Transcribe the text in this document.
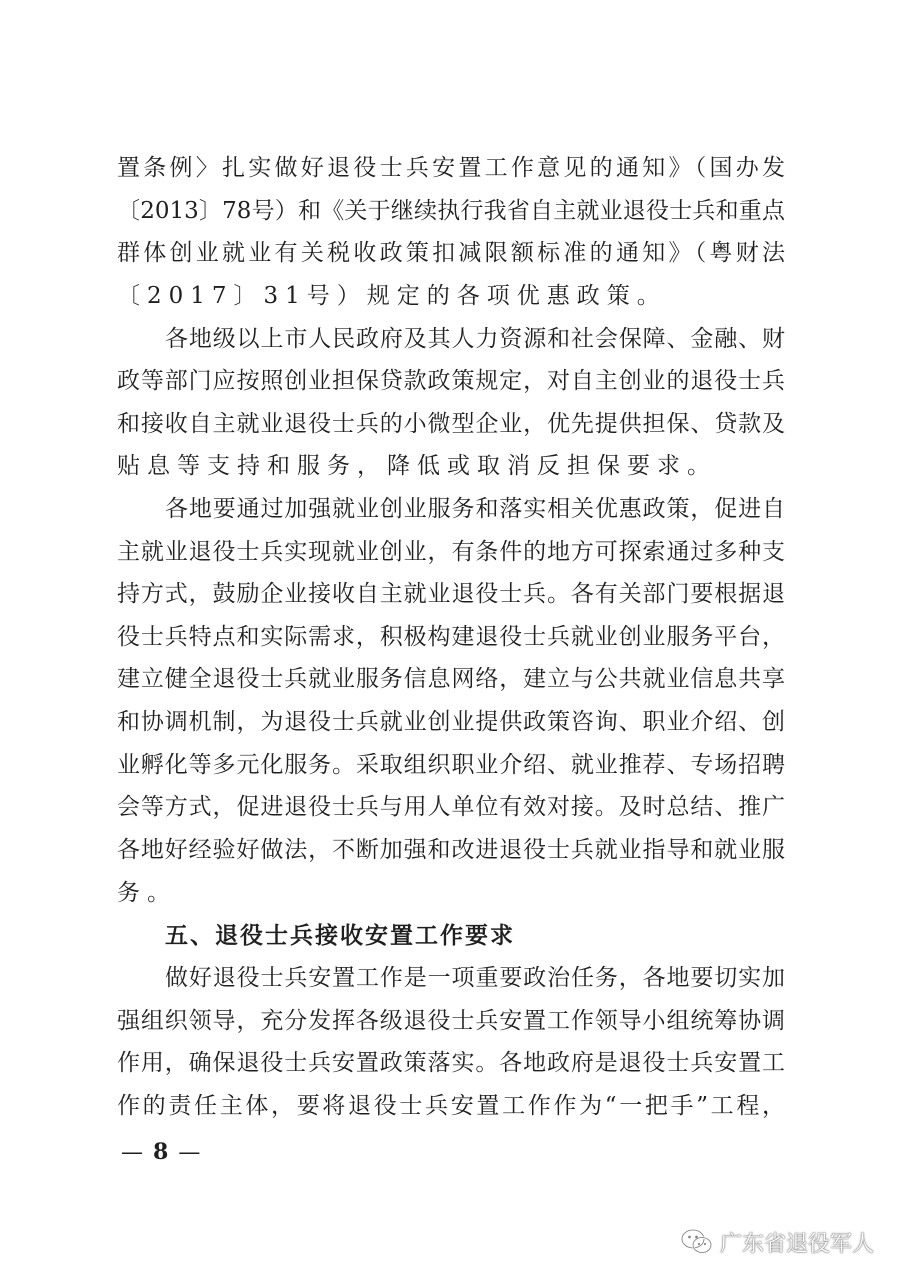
置条例〉扎实做好退役士兵安置工作意见的通知》（国办发
〔2013〕78号）和《关于继续执行我省自主就业退役士兵和重点
群体创业就业有关税收政策扣减限额标准的通知》（粤财法
〔2017〕31号）规定的各项优惠政策。
各地级以上市人民政府及其人力资源和社会保障、金融、财
政等部门应按照创业担保贷款政策规定，对自主创业的退役士兵
和接收自主就业退役士兵的小微型企业，优先提供担保、贷款及
贴息等支持和服务，降低或取消反担保要求。
各地要通过加强就业创业服务和落实相关优惠政策，促进自
主就业退役士兵实现就业创业，有条件的地方可探索通过多种支
持方式，鼓励企业接收自主就业退役士兵。各有关部门要根据退
役士兵特点和实际需求，积极构建退役士兵就业创业服务平台，
建立健全退役士兵就业服务信息网络，建立与公共就业信息共享
和协调机制，为退役士兵就业创业提供政策咨询、职业介绍、创
业孵化等多元化服务。采取组织职业介绍、就业推荐、专场招聘
会等方式，促进退役士兵与用人单位有效对接。及时总结、推广
各地好经验好做法，不断加强和改进退役士兵就业指导和就业服
务。
五、退役士兵接收安置工作要求
做好退役士兵安置工作是一项重要政治任务，各地要切实加
强组织领导，充分发挥各级退役士兵安置工作领导小组统筹协调
作用，确保退役士兵安置政策落实。各地政府是退役士兵安置工
作的责任主体，要将退役士兵安置工作作为“一把手”工程，
— 8 —
广东省退役军人
